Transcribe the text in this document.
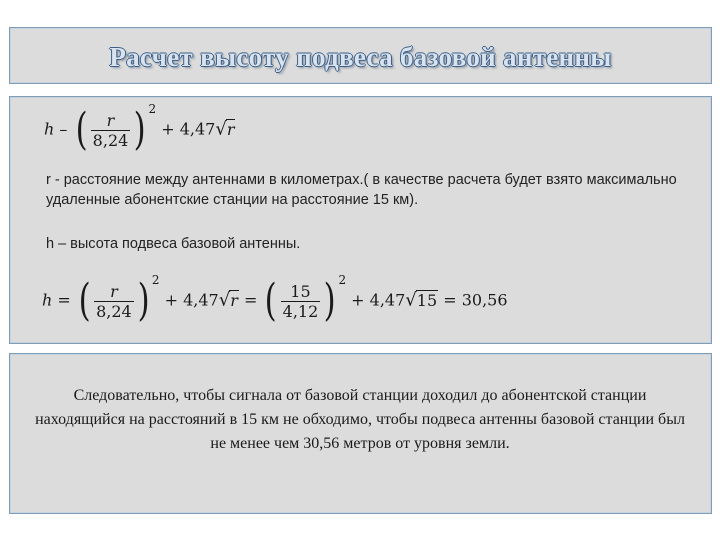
Расчет высоту подвеса базовой антенны
h – ( $\frac{r}{8,24}$ ) $^2$ + 4,47√r
r - расстояние между антеннами в километрах.( в качестве расчета будет взято максимально удаленные абонентские станции на расстояние 15 км).
h – высота подвеса базовой антенны.
h = ( $\frac{r}{8,24}$ ) $^2$ + 4,47√r = ( $\frac{15}{4,12}$ ) $^2$ + 4,47√15 = 30,56
Следовательно, чтобы сигнала от базовой станции доходил до абонентской станции находящийся на расстояний в 15 км не обходимо, чтобы подвеса антенны базовой станции был не менее чем 30,56 метров от уровня земли.
